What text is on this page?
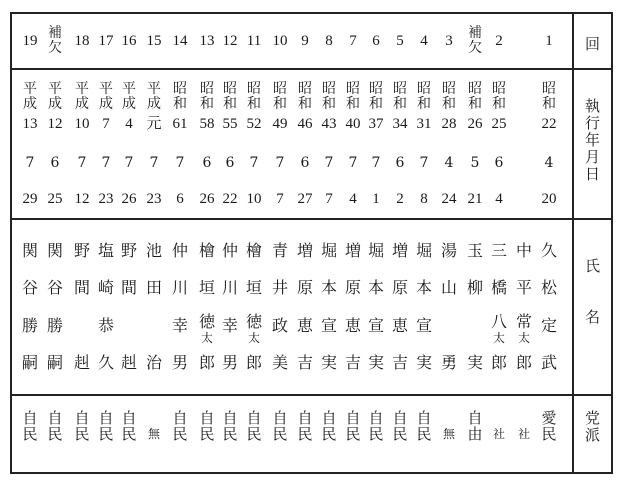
回
執
行
年
月
日
氏

名
党
派
19
平
成
13
7
29
関
谷
勝
嗣
自
民
補
欠
平
成
12
6
25
関
谷
勝
嗣
自
民
18
平
成
10
7
12
野
間
赳
自
民
17
平
成
7
7
23
塩
崎
恭
久
自
民
16
平
成
4
7
26
野
間
赳
自
民
15
平
成
元
7
23
池
田
治
無
14
昭
和
61
7
6
仲
川
幸
男
自
民
13
昭
和
58
6
26
檜
垣
徳
太
郎
自
民
12
昭
和
55
6
22
仲
川
幸
男
自
民
11
昭
和
52
7
10
檜
垣
徳
太
郎
自
民
10
昭
和
49
7
7
青
井
政
美
自
民
9
昭
和
46
6
27
増
原
恵
吉
自
民
8
昭
和
43
7
7
堀
本
宣
実
自
民
7
昭
和
40
7
4
増
原
恵
吉
自
民
6
昭
和
37
7
1
堀
本
宣
実
自
民
5
昭
和
34
6
2
増
原
恵
吉
自
民
4
昭
和
31
7
8
堀
本
宣
実
自
民
3
昭
和
28
4
24
湯
山
勇
無
補
欠
昭
和
26
5
21
玉
柳
実
自
由
2
昭
和
25
6
4
三
橋
八
太
郎
社
中
平
常
太
郎
社
1
昭
和
22
4
20
久
松
定
武
愛
民
